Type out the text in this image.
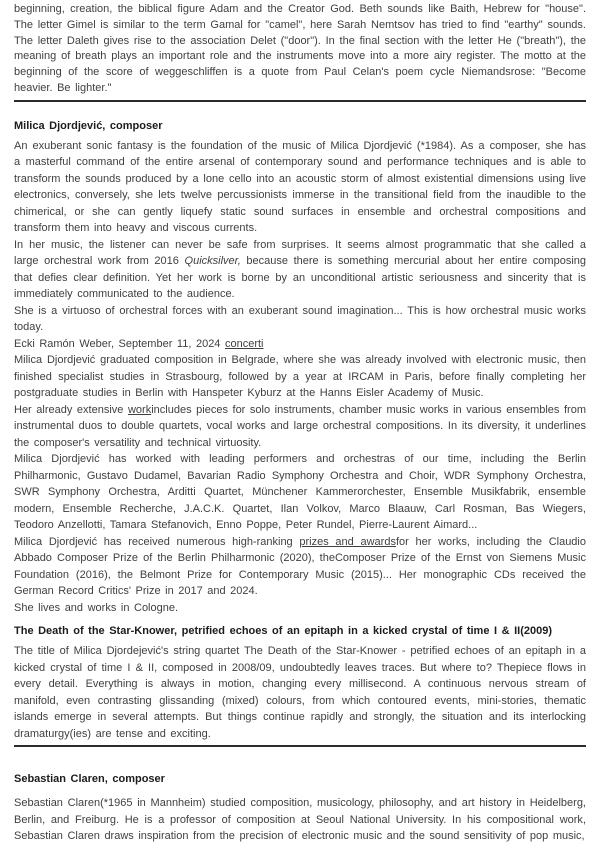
beginning, creation, the biblical figure Adam and the Creator God. Beth sounds like Baith, Hebrew for "house". The letter Gimel is similar to the term Gamal for "camel", here Sarah Nemtsov has tried to find "earthy" sounds. The letter Daleth gives rise to the association Delet ("door"). In the final section with the letter He ("breath"), the meaning of breath plays an important role and the instruments move into a more airy register. The motto at the beginning of the score of weggeschliffen is a quote from Paul Celan's poem cycle Niemandsrose: "Become heavier. Be lighter."

Milica Djordjević, composer

An exuberant sonic fantasy is the foundation of the music of Milica Djordjević (*1984). As a composer, she has a masterful command of the entire arsenal of contemporary sound and performance techniques and is able to transform the sounds produced by a lone cello into an acoustic storm of almost existential dimensions using live electronics, conversely, she lets twelve percussionists immerse in the transitional field from the inaudible to the chimerical, or she can gently liquefy static sound surfaces in ensemble and orchestral compositions and transform them into heavy and viscous currents.

In her music, the listener can never be safe from surprises. It seems almost programmatic that she called a large orchestral work from 2016 Quicksilver, because there is something mercurial about her entire composing that defies clear definition. Yet her work is borne by an unconditional artistic seriousness and sincerity that is immediately communicated to the audience.

She is a virtuoso of orchestral forces with an exuberant sound imagination... This is how orchestral music works today.

Ecki Ramón Weber, September 11, 2024 concerti

Milica Djordjević graduated composition in Belgrade, where she was already involved with electronic music, then finished specialist studies in Strasbourg, followed by a year at IRCAM in Paris, before finally completing her postgraduate studies in Berlin with Hanspeter Kyburz at the Hanns Eisler Academy of Music.

Her already extensive workincludes pieces for solo instruments, chamber music works in various ensembles from instrumental duos to double quartets, vocal works and large orchestral compositions. In its diversity, it underlines the composer's versatility and technical virtuosity.

Milica Djordjević has worked with leading performers and orchestras of our time, including the Berlin Philharmonic, Gustavo Dudamel, Bavarian Radio Symphony Orchestra and Choir, WDR Symphony Orchestra, SWR Symphony Orchestra, Arditti Quartet, Münchener Kammerorchester, Ensemble Musikfabrik, ensemble modern, Ensemble Recherche, J.A.C.K. Quartet, Ilan Volkov, Marco Blaauw, Carl Rosman, Bas Wiegers, Teodoro Anzellotti, Tamara Stefanovich, Enno Poppe, Peter Rundel, Pierre-Laurent Aimard...

Milica Djordjević has received numerous high-ranking prizes and awardsfor her works, including the Claudio Abbado Composer Prize of the Berlin Philharmonic (2020), theComposer Prize of the Ernst von Siemens Music Foundation (2016), the Belmont Prize for Contemporary Music (2015)... Her monographic CDs received the German Record Critics' Prize in 2017 and 2024.

She lives and works in Cologne.

The Death of the Star-Knower, petrified echoes of an epitaph in a kicked crystal of time I & II(2009)

The title of Milica Djordejević's string quartet The Death of the Star-Knower - petrified echoes of an epitaph in a kicked crystal of time I & II, composed in 2008/09, undoubtedly leaves traces. But where to? Thepiece flows in every detail. Everything is always in motion, changing every millisecond. A continuous nervous stream of manifold, even contrasting glissanding (mixed) colours, from which contoured events, mini-stories, thematic islands emerge in several attempts. But things continue rapidly and strongly, the situation and its interlocking dramaturgy(ies) are tense and exciting.

Sebastian Claren, composer

Sebastian Claren(*1965 in Mannheim) studied composition, musicology, philosophy, and art history in Heidelberg, Berlin, and Freiburg. He is a professor of composition at Seoul National University. In his compositional work, Sebastian Claren draws inspiration from the precision of electronic music and the sound sensitivity of pop music,
